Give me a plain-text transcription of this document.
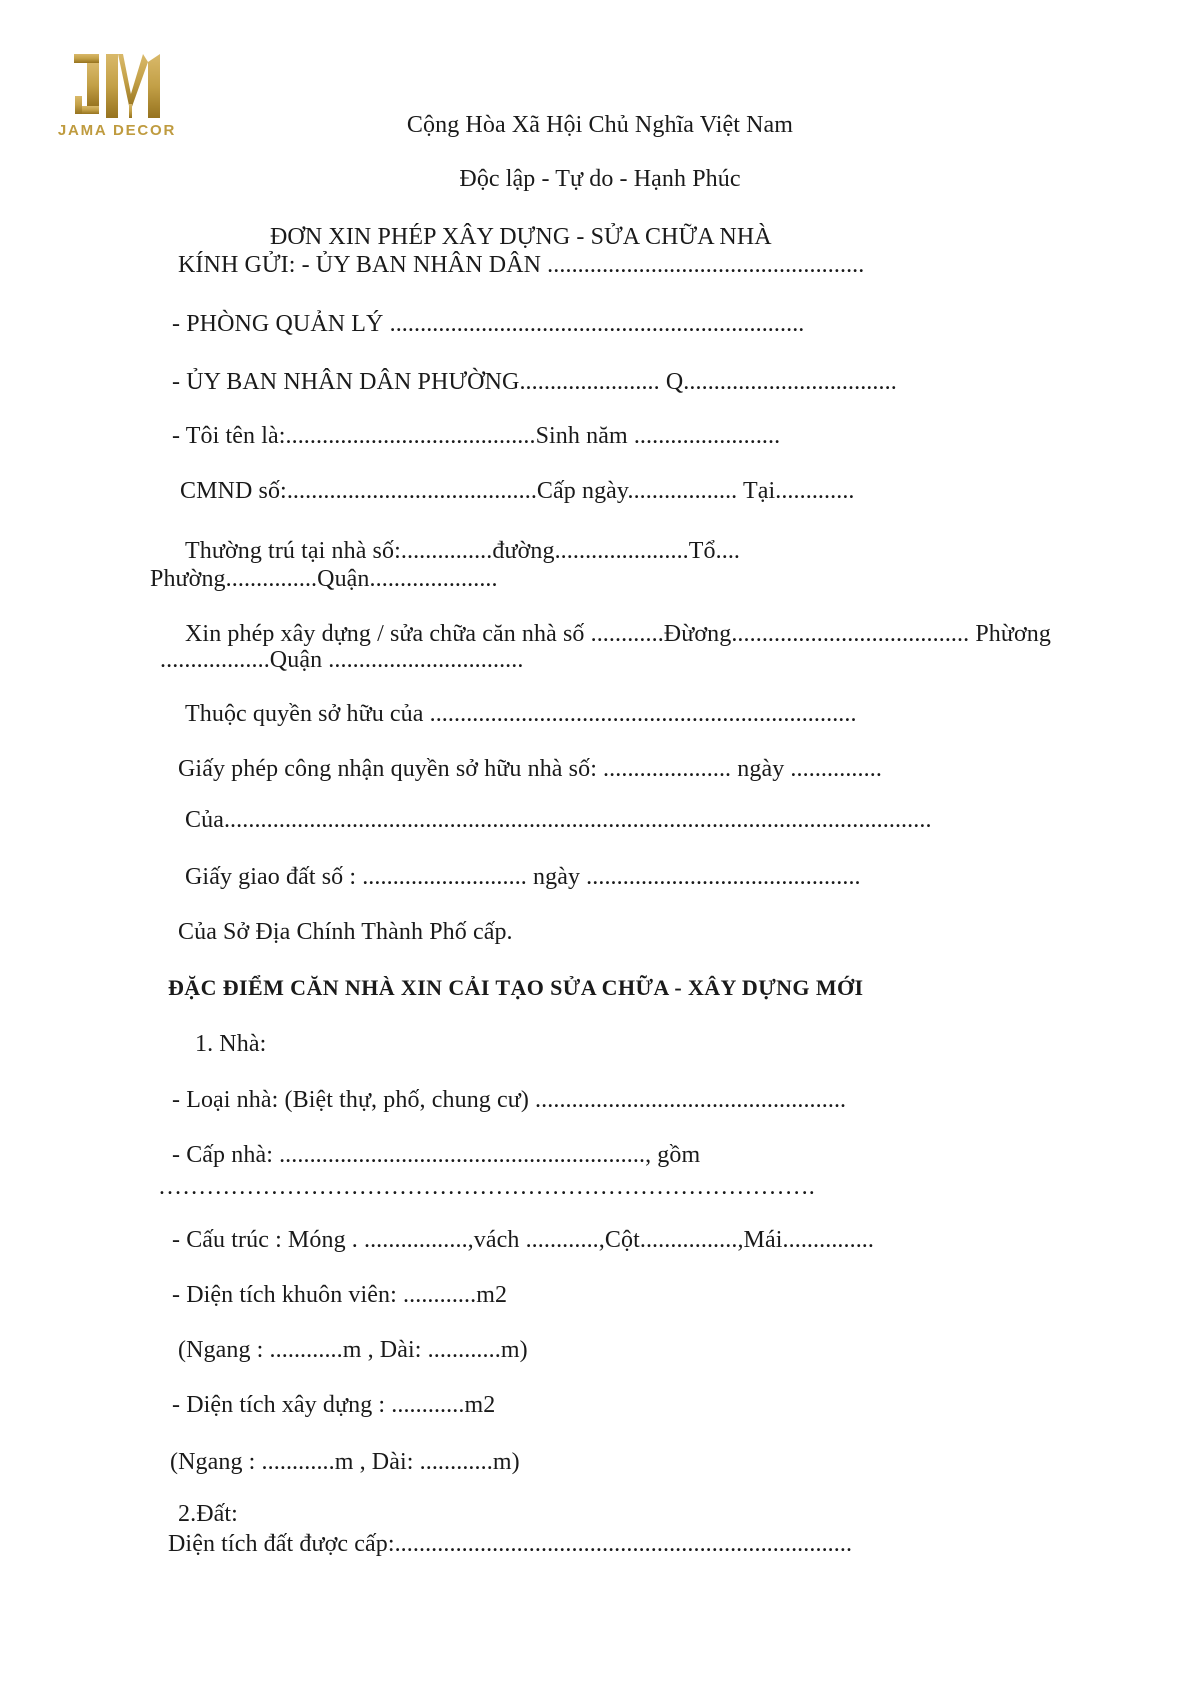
JAMA DECOR	Cộng Hòa Xã Hội Chủ Nghĩa Việt Nam
Độc lập - Tự do - Hạnh Phúc
ĐƠN XIN PHÉP XÂY DỰNG - SỬA CHỮA NHÀ
KÍNH GỬI: - ỦY BAN NHÂN DÂN ....................................................
- PHÒNG QUẢN LÝ ....................................................................
- ỦY BAN NHÂN DÂN PHƯỜNG....................... Q...................................
- Tôi tên là:.........................................Sinh năm ........................
CMND số:.........................................Cấp ngày.................. Tại.............
Thường trú tại nhà số:...............đường......................Tổ....
Phường...............Quận.....................
Xin phép xây dựng / sửa chữa căn nhà số ............Đừơng....................................... Phừơng
..................Quận ................................
Thuộc quyền sở hữu của ......................................................................
Giấy phép công nhận quyền sở hữu nhà số: ..................... ngày ...............
Của....................................................................................................................
Giấy giao đất số : ........................... ngày .............................................
Của Sở Địa Chính Thành Phố cấp.
ĐẶC ĐIỂM CĂN NHÀ XIN CẢI TẠO SỬA CHỮA - XÂY DỰNG MỚI
1. Nhà:
- Loại nhà: (Biệt thự, phố, chung cư) ...................................................
- Cấp nhà: ............................................................, gồm
……………………………………………………………………….
- Cấu trúc : Móng . .................,vách ............,Cột................,Mái...............
- Diện tích khuôn viên: ............m2
(Ngang : ............m , Dài: ............m)
- Diện tích xây dựng : ............m2
(Ngang : ............m , Dài: ............m)
2.Đất:
Diện tích đất được cấp:...........................................................................
